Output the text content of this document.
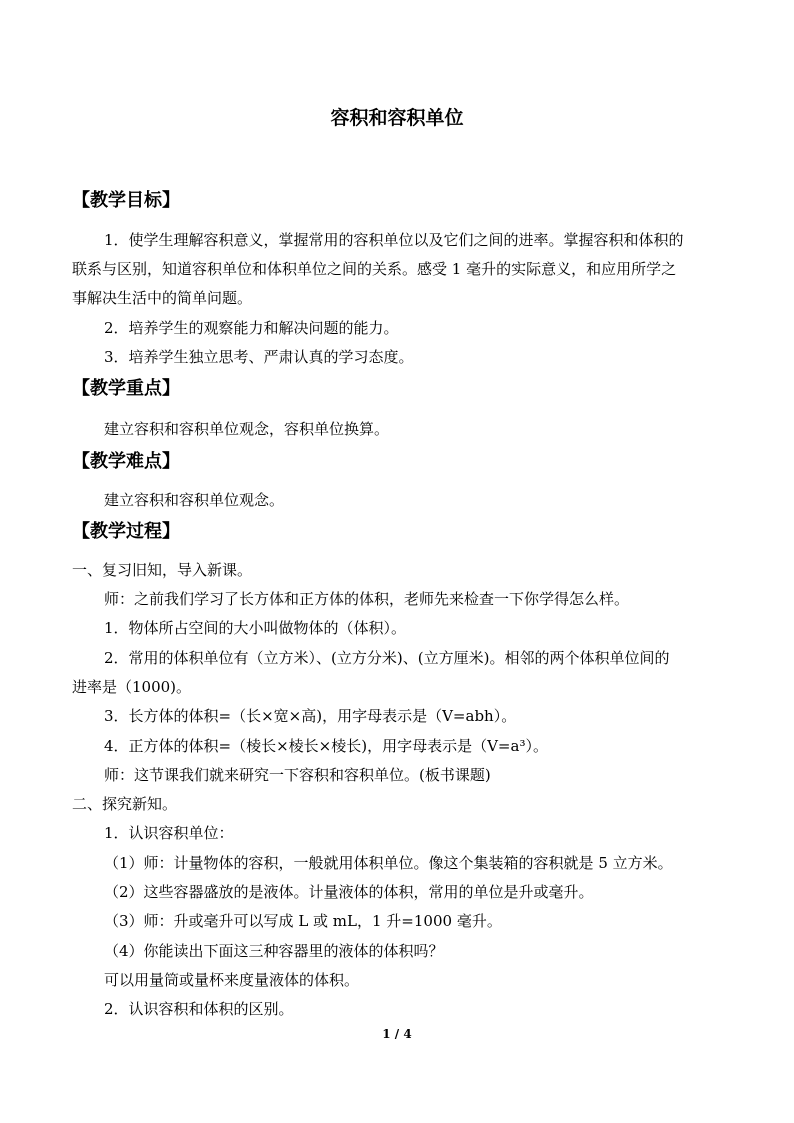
容积和容积单位
【教学目标】
1．使学生理解容积意义，掌握常用的容积单位以及它们之间的进率。掌握容积和体积的
联系与区别，知道容积单位和体积单位之间的关系。感受 1 毫升的实际意义，和应用所学之
事解决生活中的简单问题。
2．培养学生的观察能力和解决问题的能力。
3．培养学生独立思考、严肃认真的学习态度。
【教学重点】
建立容积和容积单位观念，容积单位换算。
【教学难点】
建立容积和容积单位观念。
【教学过程】
一、复习旧知，导入新课。
师：之前我们学习了长方体和正方体的体积，老师先来检查一下你学得怎么样。
1．物体所占空间的大小叫做物体的（体积）。
2．常用的体积单位有（立方米）、(立方分米)、(立方厘米)。相邻的两个体积单位间的
进率是（1000)。
3．长方体的体积=（长×宽×高)，用字母表示是（V=abh）。
4．正方体的体积=（棱长×棱长×棱长)，用字母表示是（V=a³）。
师：这节课我们就来研究一下容积和容积单位。(板书课题)
二、探究新知。
1．认识容积单位：
（1）师：计量物体的容积，一般就用体积单位。像这个集装箱的容积就是 5 立方米。
（2）这些容器盛放的是液体。计量液体的体积，常用的单位是升或毫升。
（3）师：升或毫升可以写成 L 或 mL，1 升=1000 毫升。
（4）你能读出下面这三种容器里的液体的体积吗？
可以用量筒或量杯来度量液体的体积。
2．认识容积和体积的区别。
1 / 4
